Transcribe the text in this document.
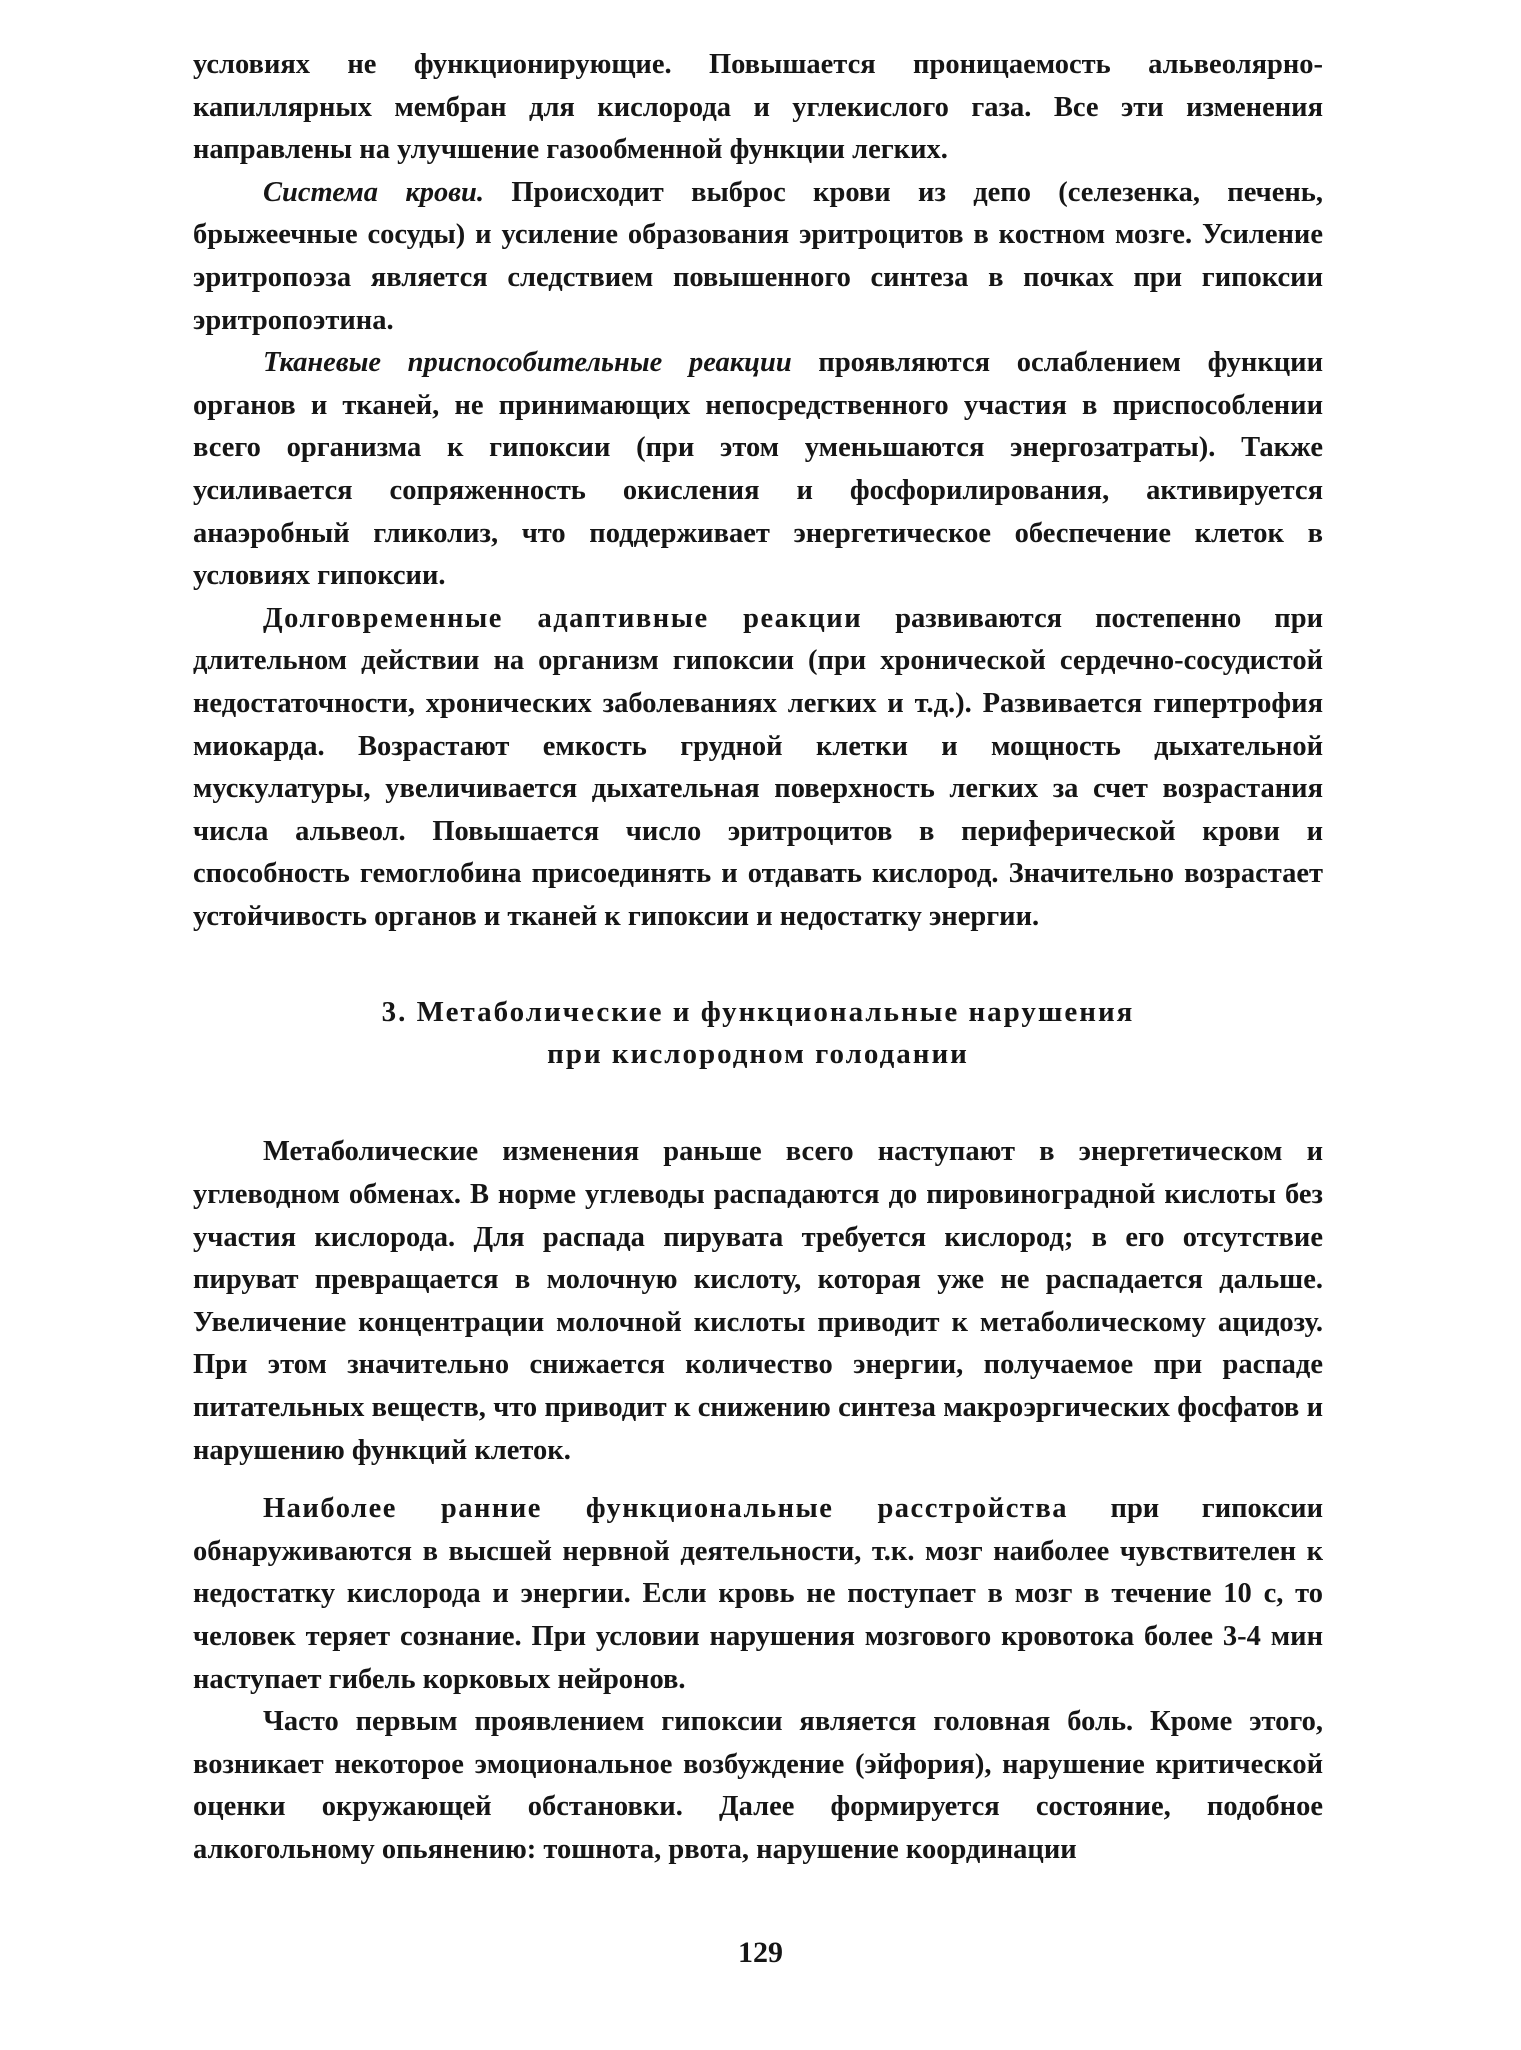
условиях не функционирующие. Повышается проницаемость альвеолярно-капиллярных мембран для кислорода и углекислого газа. Все эти изменения направлены на улучшение газообменной функции легких.

Система крови. Происходит выброс крови из депо (селезенка, печень, брыжеечные сосуды) и усиление образования эритроцитов в костном мозге. Усиление эритропоэза является следствием повышенного синтеза в почках при гипоксии эритропоэтина.

Тканевые приспособительные реакции проявляются ослаблением функции органов и тканей, не принимающих непосредственного участия в приспособлении всего организма к гипоксии (при этом уменьшаются энергозатраты). Также усиливается сопряженность окисления и фосфорилирования, активируется анаэробный гликолиз, что поддерживает энергетическое обеспечение клеток в условиях гипоксии.

Долговременные адаптивные реакции развиваются постепенно при длительном действии на организм гипоксии (при хронической сердечно-сосудистой недостаточности, хронических заболеваниях легких и т.д.). Развивается гипертрофия миокарда. Возрастают емкость грудной клетки и мощность дыхательной мускулатуры, увеличивается дыхательная поверхность легких за счет возрастания числа альвеол. Повышается число эритроцитов в периферической крови и способность гемоглобина присоединять и отдавать кислород. Значительно возрастает устойчивость органов и тканей к гипоксии и недостатку энергии.

3. Метаболические и функциональные нарушения
при кислородном голодании

Метаболические изменения раньше всего наступают в энергетическом и углеводном обменах. В норме углеводы распадаются до пировиноградной кислоты без участия кислорода. Для распада пирувата требуется кислород; в его отсутствие пируват превращается в молочную кислоту, которая уже не распадается дальше. Увеличение концентрации молочной кислоты приводит к метаболическому ацидозу. При этом значительно снижается количество энергии, получаемое при распаде питательных веществ, что приводит к снижению синтеза макроэргических фосфатов и нарушению функций клеток.

Наиболее ранние функциональные расстройства при гипоксии обнаруживаются в высшей нервной деятельности, т.к. мозг наиболее чувствителен к недостатку кислорода и энергии. Если кровь не поступает в мозг в течение 10 с, то человек теряет сознание. При условии нарушения мозгового кровотока более 3-4 мин наступает гибель корковых нейронов.

Часто первым проявлением гипоксии является головная боль. Кроме этого, возникает некоторое эмоциональное возбуждение (эйфория), нарушение критической оценки окружающей обстановки. Далее формируется состояние, подобное алкогольному опьянению: тошнота, рвота, нарушение координации

129
